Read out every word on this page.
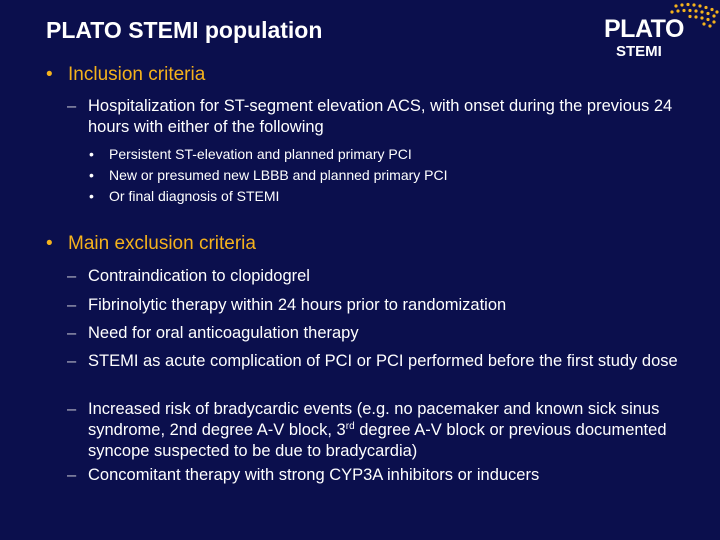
PLATO STEMI population	PLATO
STEMI
• Inclusion criteria
– Hospitalization for ST-segment elevation ACS, with onset during the previous 24 hours with either of the following
• Persistent ST-elevation and planned primary PCI
• New or presumed new LBBB and planned primary PCI
• Or final diagnosis of STEMI
• Main exclusion criteria
– Contraindication to clopidogrel
– Fibrinolytic therapy within 24 hours prior to randomization
– Need for oral anticoagulation therapy
– STEMI as acute complication of PCI or PCI performed before the first study dose
– Increased risk of bradycardic events (e.g. no pacemaker and known sick sinus syndrome, 2nd degree A-V block, 3rd degree A-V block or previous documented syncope suspected to be due to bradycardia)
– Concomitant therapy with strong CYP3A inhibitors or inducers
